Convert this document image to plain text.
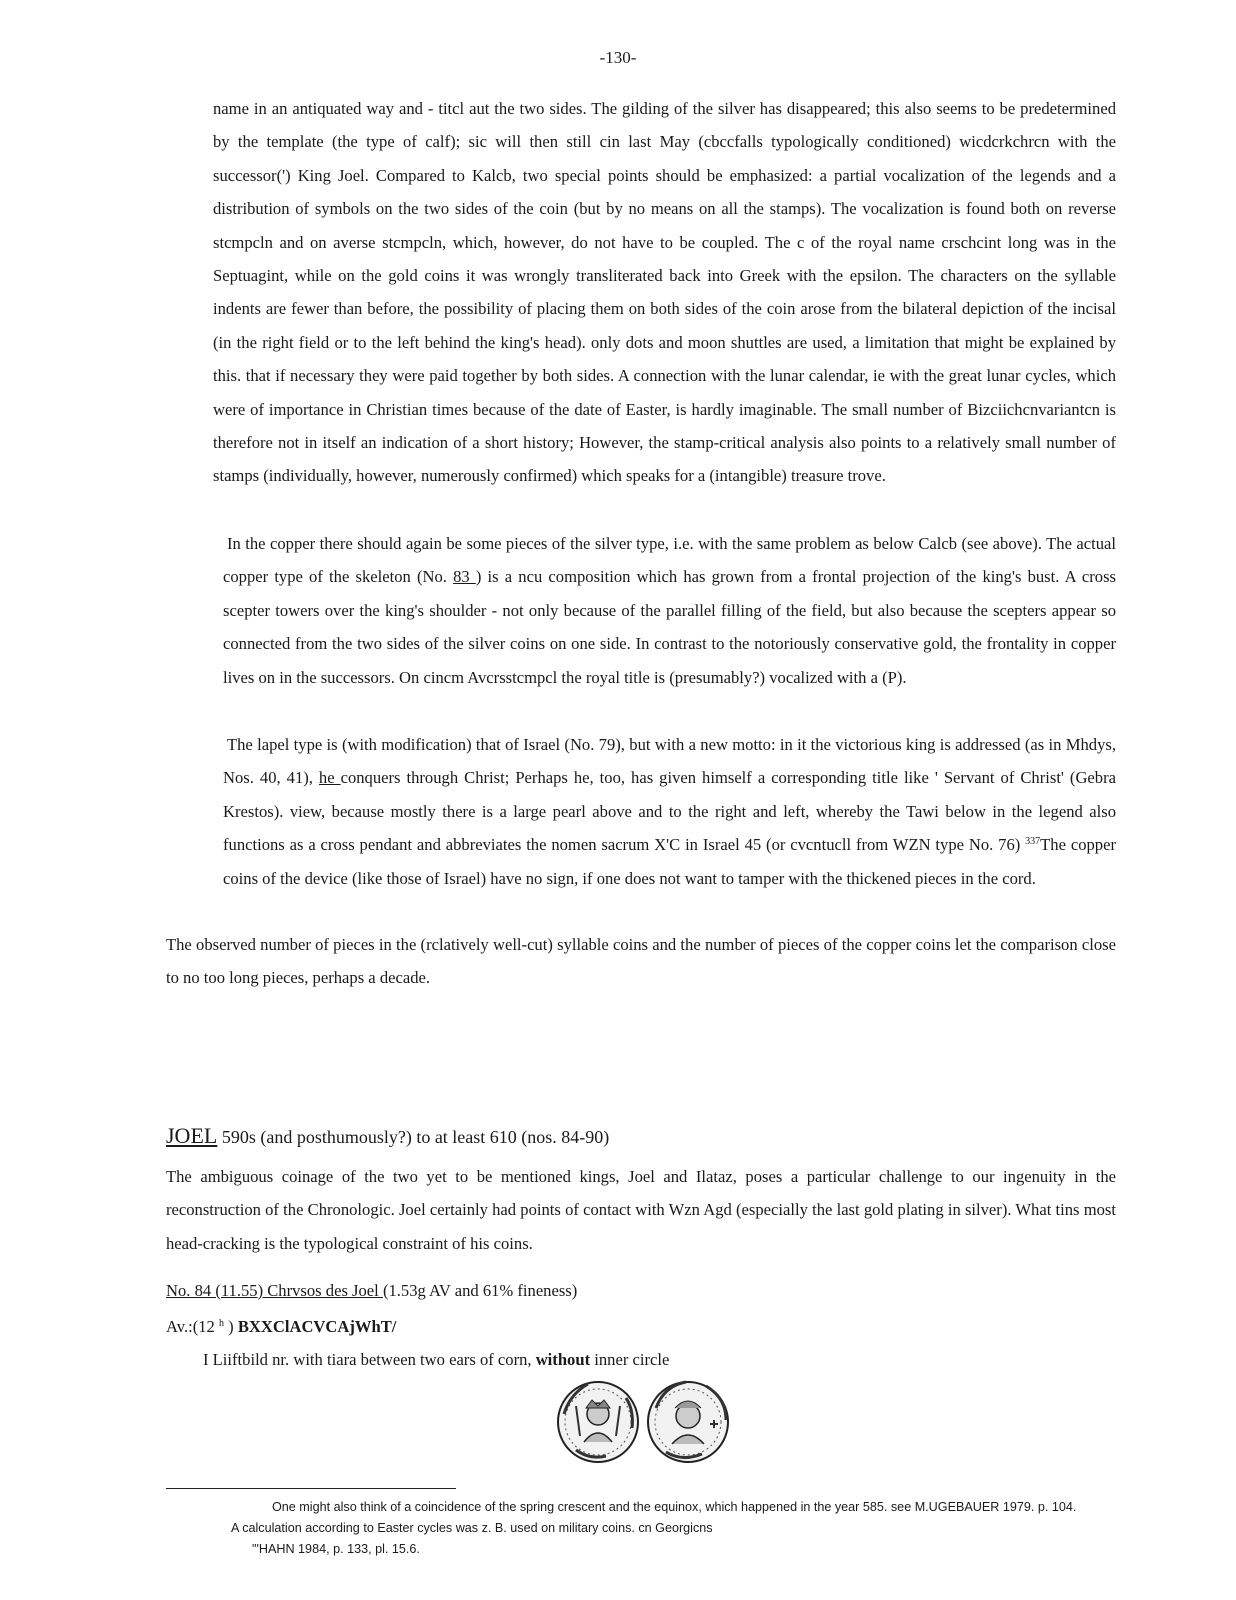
-130-

name in an antiquated way and - titcl aut the two sides. The gilding of the silver has disappeared; this also seems to be predetermined by the template (the type of calf); sic will then still cin last May (cbccfalls typologically conditioned) wicdcrkchrcn with the successor(') King Joel. Compared to Kalcb, two special points should be emphasized: a partial vocalization of the legends and a distribution of symbols on the two sides of the coin (but by no means on all the stamps). The vocalization is found both on reverse stcmpcln and on averse stcmpcln, which, however, do not have to be coupled. The c of the royal name crschcint long was in the Septuagint, while on the gold coins it was wrongly transliterated back into Greek with the epsilon. The characters on the syllable indents are fewer than before, the possibility of placing them on both sides of the coin arose from the bilateral depiction of the incisal (in the right field or to the left behind the king's head). only dots and moon shuttles are used, a limitation that might be explained by this. that if necessary they were paid together by both sides. A connection with the lunar calendar, ie with the great lunar cycles, which were of importance in Christian times because of the date of Easter, is hardly imaginable. The small number of Bizciichcnvariantcn is therefore not in itself an indication of a short history; However, the stamp-critical analysis also points to a relatively small number of stamps (individually, however, numerously confirmed) which speaks for a (intangible) treasure trove.

In the copper there should again be some pieces of the silver type, i.e. with the same problem as below Calcb (see above). The actual copper type of the skeleton (No. 83 ) is a ncu composition which has grown from a frontal projection of the king's bust. A cross scepter towers over the king's shoulder - not only because of the parallel filling of the field, but also because the scepters appear so connected from the two sides of the silver coins on one side. In contrast to the notoriously conservative gold, the frontality in copper lives on in the successors. On cincm Avcrsstcmpcl the royal title is (presumably?) vocalized with a (P).

The lapel type is (with modification) that of Israel (No. 79), but with a new motto: in it the victorious king is addressed (as in Mhdys, Nos. 40, 41), he conquers through Christ; Perhaps he, too, has given himself a corresponding title like ' Servant of Christ' (Gebra Krestos). view, because mostly there is a large pearl above and to the right and left, whereby the Tawi below in the legend also functions as a cross pendant and abbreviates the nomen sacrum X'C in Israel 45 (or cvcntucll from WZN type No. 76) $^{337}$The copper coins of the device (like those of Israel) have no sign, if one does not want to tamper with the thickened pieces in the cord.

The observed number of pieces in the (rclatively well-cut) syllable coins and the number of pieces of the copper coins let the comparison close to no too long pieces, perhaps a decade.

JOEL 590s (and posthumously?) to at least 610 (nos. 84-90)

The ambiguous coinage of the two yet to be mentioned kings, Joel and Ilataz, poses a particular challenge to our ingenuity in the reconstruction of the Chronologic. Joel certainly had points of contact with Wzn Agd (especially the last gold plating in silver). What tins most head-cracking is the typological constraint of his coins.

No. 84 (11.55) Chrvsos des Joel (1.53g AV and 61% fineness)
Av.:(12 $^h$ ) BXXClACVCAjWhT/
I Liiftbild nr. with tiara between two ears of corn, without inner circle
One might also think of a coincidence of the spring crescent and the equinox, which happened in the year 585. see M.UGEBAUER 1979. p. 104.
A calculation according to Easter cycles was z. B. used on military coins. cn Georgicns
"'HAHN 1984, p. 133, pl. 15.6.
